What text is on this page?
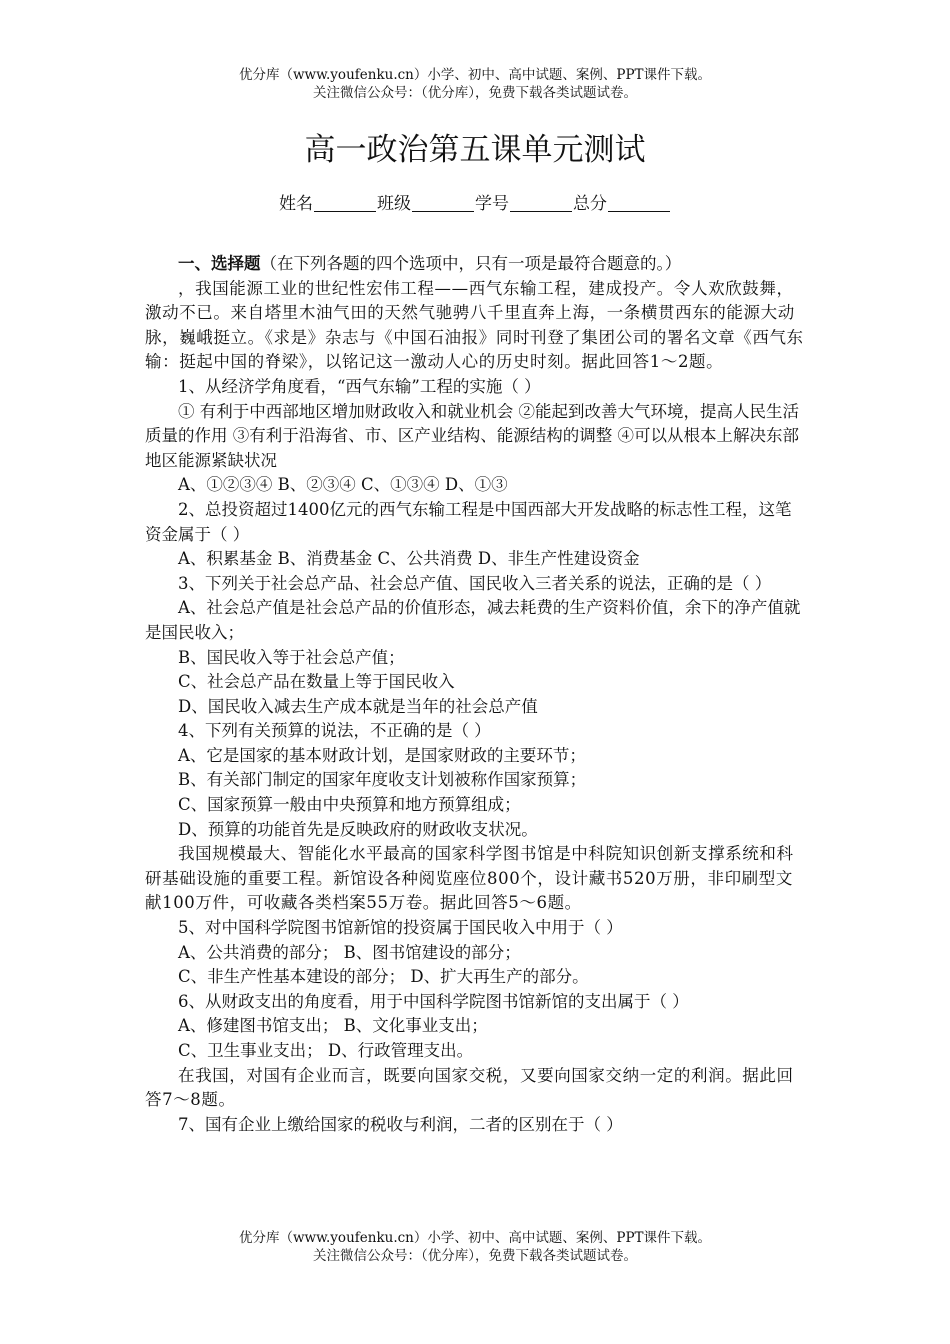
优分库（www.youfenku.cn）小学、初中、高中试题、案例、PPT课件下载。
关注微信公众号：（优分库），免费下载各类试题试卷。
高一政治第五课单元测试
姓名	班级	学号	总分

一、选择题（在下列各题的四个选项中，只有一项是最符合题意的。）

，我国能源工业的世纪性宏伟工程——西气东输工程，建成投产。令人欢欣鼓舞，激动不已。来自塔里木油气田的天然气驰骋八千里直奔上海，一条横贯西东的能源大动脉，巍峨挺立。《求是》杂志与《中国石油报》同时刊登了集团公司的署名文章《西气东输：挺起中国的脊梁》，以铭记这一激动人心的历史时刻。据此回答1～2题。

1、从经济学角度看，“西气东输”工程的实施（ ）

① 有利于中西部地区增加财政收入和就业机会 ②能起到改善大气环境，提高人民生活质量的作用 ③有利于沿海省、市、区产业结构、能源结构的调整 ④可以从根本上解决东部地区能源紧缺状况

A、①②③④ B、②③④ C、①③④ D、①③

2、总投资超过1400亿元的西气东输工程是中国西部大开发战略的标志性工程，这笔资金属于（ ）

A、积累基金 B、消费基金 C、公共消费 D、非生产性建设资金

3、下列关于社会总产品、社会总产值、国民收入三者关系的说法，正确的是（ ）

A、社会总产值是社会总产品的价值形态，减去耗费的生产资料价值，余下的净产值就是国民收入；

B、国民收入等于社会总产值；

C、社会总产品在数量上等于国民收入

D、国民收入减去生产成本就是当年的社会总产值

4、下列有关预算的说法，不正确的是（ ）

A、它是国家的基本财政计划，是国家财政的主要环节；

B、有关部门制定的国家年度收支计划被称作国家预算；

C、国家预算一般由中央预算和地方预算组成；

D、预算的功能首先是反映政府的财政收支状况。

我国规模最大、智能化水平最高的国家科学图书馆是中科院知识创新支撑系统和科研基础设施的重要工程。新馆设各种阅览座位800个，设计藏书520万册，非印刷型文献100万件，可收藏各类档案55万卷。据此回答5～6题。

5、对中国科学院图书馆新馆的投资属于国民收入中用于（ ）

A、公共消费的部分； B、图书馆建设的部分；

C、非生产性基本建设的部分； D、扩大再生产的部分。

6、从财政支出的角度看，用于中国科学院图书馆新馆的支出属于（ ）

A、修建图书馆支出； B、文化事业支出；

C、卫生事业支出； D、行政管理支出。

在我国，对国有企业而言，既要向国家交税，又要向国家交纳一定的利润。据此回答7～8题。

7、国有企业上缴给国家的税收与利润，二者的区别在于（ ）

优分库（www.youfenku.cn）小学、初中、高中试题、案例、PPT课件下载。
关注微信公众号：（优分库），免费下载各类试题试卷。
